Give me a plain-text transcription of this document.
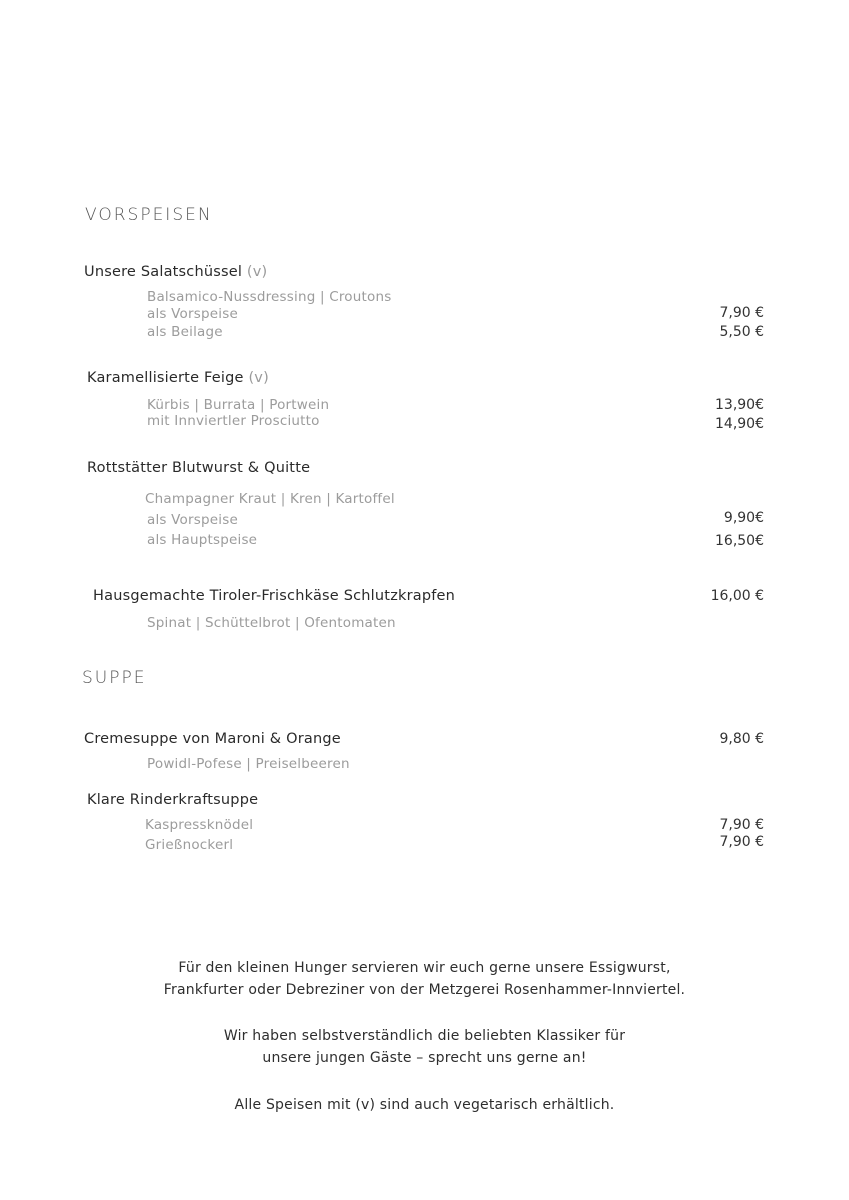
VORSPEISEN
Unsere Salatschüssel (v)
Balsamico-Nussdressing | Croutons
als Vorspeise
als Beilage
7,90 €
5,50 €
Karamellisierte Feige (v)
Kürbis | Burrata | Portwein
mit Innviertler Prosciutto
13,90€
14,90€
Rottstätter Blutwurst & Quitte
Champagner Kraut | Kren | Kartoffel
als Vorspeise
als Hauptspeise
9,90€
16,50€
Hausgemachte Tiroler-Frischkäse Schlutzkrapfen	16,00 €
Spinat | Schüttelbrot | Ofentomaten
SUPPE
Cremesuppe von Maroni & Orange	9,80 €
Powidl-Pofese | Preiselbeeren
Klare Rinderkraftsuppe
Kaspressknödel
Grießnockerl
7,90 €
7,90 €
Für den kleinen Hunger servieren wir euch gerne unsere Essigwurst,
Frankfurter oder Debreziner von der Metzgerei Rosenhammer-Innviertel.
Wir haben selbstverständlich die beliebten Klassiker für
unsere jungen Gäste – sprecht uns gerne an!
Alle Speisen mit (v) sind auch vegetarisch erhältlich.
